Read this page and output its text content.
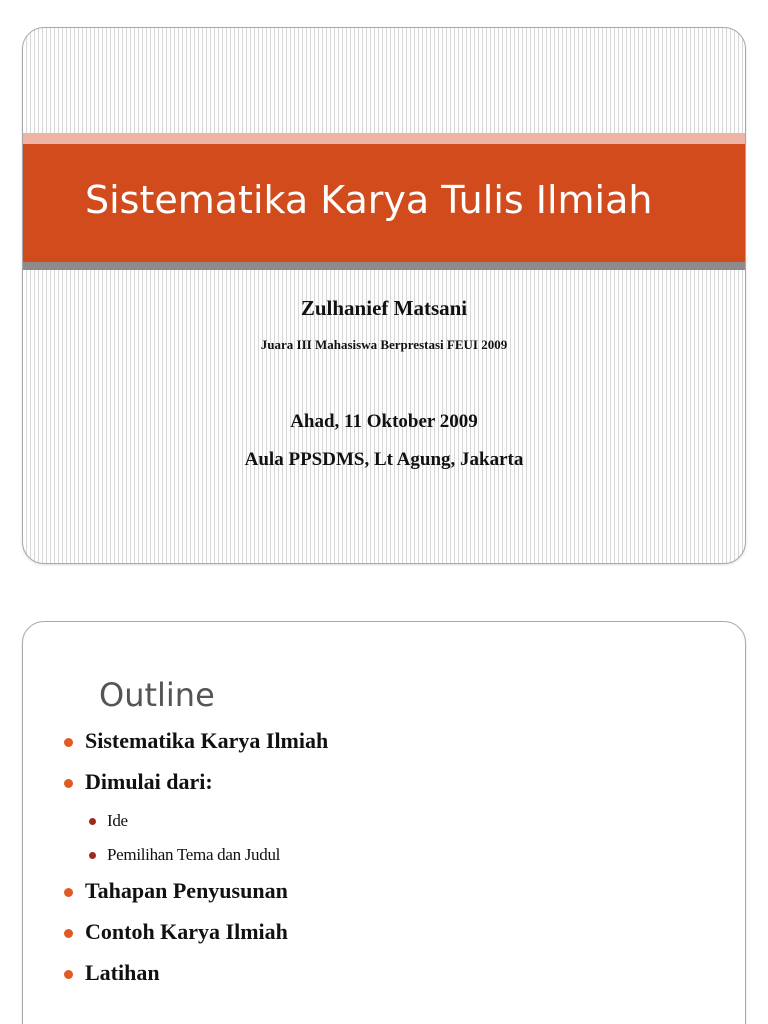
Sistematika Karya Tulis Ilmiah
Zulhanief Matsani
Juara III Mahasiswa Berprestasi FEUI 2009
Ahad, 11 Oktober 2009
Aula PPSDMS, Lt Agung, Jakarta
Outline
Sistematika Karya Ilmiah
Dimulai dari:
Ide
Pemilihan Tema dan Judul
Tahapan Penyusunan
Contoh Karya Ilmiah
Latihan
